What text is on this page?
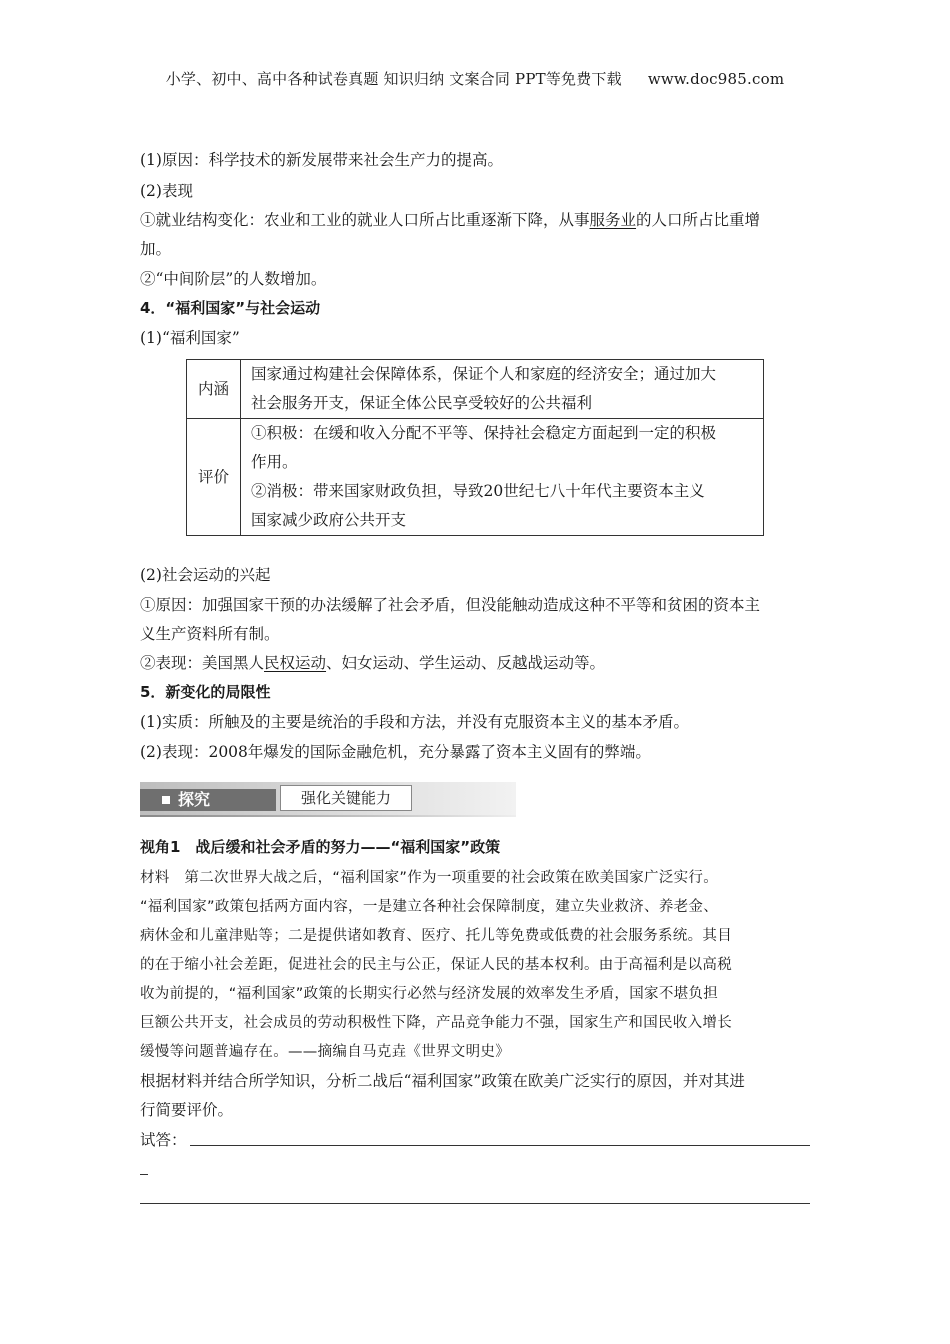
小学、初中、高中各种试卷真题 知识归纳 文案合同 PPT等免费下载 www.doc985.com
(1)原因：科学技术的新发展带来社会生产力的提高。
(2)表现
①就业结构变化：农业和工业的就业人口所占比重逐渐下降，从事服务业的人口所占比重增
加。
②“中间阶层”的人数增加。
4．“福利国家”与社会运动
(1)“福利国家”
内涵	国家通过构建社会保障体系，保证个人和家庭的经济安全；通过加大
社会服务开支，保证全体公民享受较好的公共福利

评价	①积极：在缓和收入分配不平等、保持社会稳定方面起到一定的积极
作用。
②消极：带来国家财政负担，导致20世纪七八十年代主要资本主义
国家减少政府公共开支
(2)社会运动的兴起
①原因：加强国家干预的办法缓解了社会矛盾，但没能触动造成这种不平等和贫困的资本主
义生产资料所有制。
②表现：美国黑人民权运动、妇女运动、学生运动、反越战运动等。
5．新变化的局限性
(1)实质：所触及的主要是统治的手段和方法，并没有克服资本主义的基本矛盾。
(2)表现：2008年爆发的国际金融危机，充分暴露了资本主义固有的弊端。
探究	强化关键能力
视角1　战后缓和社会矛盾的努力——“福利国家”政策
材料　第二次世界大战之后，“福利国家”作为一项重要的社会政策在欧美国家广泛实行。
“福利国家”政策包括两方面内容，一是建立各种社会保障制度，建立失业救济、养老金、
病休金和儿童津贴等；二是提供诸如教育、医疗、托儿等免费或低费的社会服务系统。其目
的在于缩小社会差距，促进社会的民主与公正，保证人民的基本权利。由于高福利是以高税
收为前提的，“福利国家”政策的长期实行必然与经济发展的效率发生矛盾，国家不堪负担
巨额公共开支，社会成员的劳动积极性下降，产品竞争能力不强，国家生产和国民收入增长
缓慢等问题普遍存在。——摘编自马克垚《世界文明史》
根据材料并结合所学知识，分析二战后“福利国家”政策在欧美广泛实行的原因，并对其进
行简要评价。
试答：
